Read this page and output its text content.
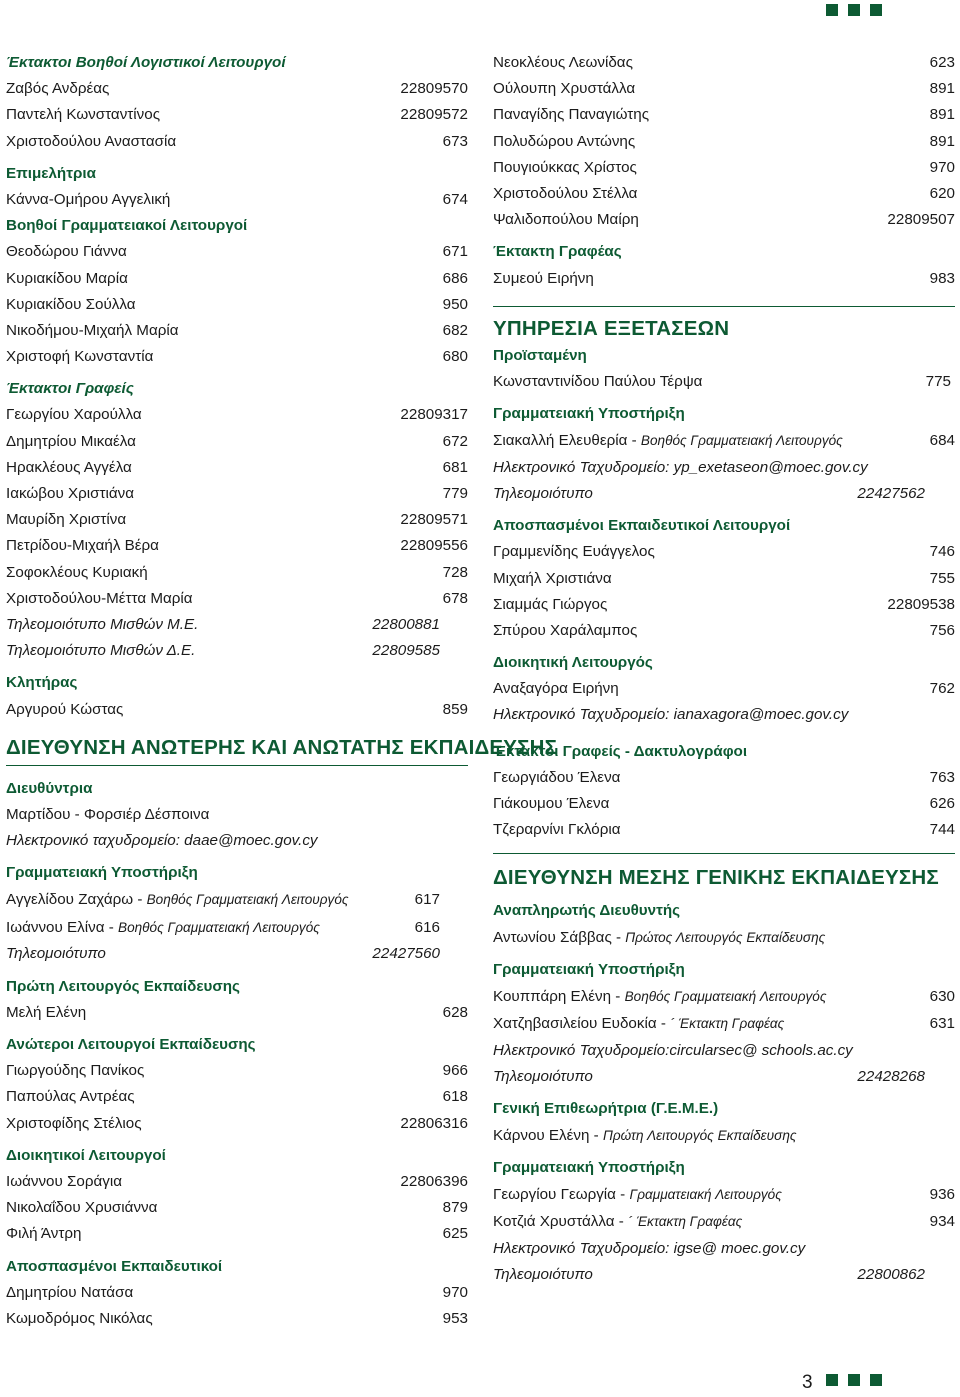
Έκτακτοι Βοηθοί Λογιστικοί Λειτουργοί
Ζαβός Ανδρέας	22809570
Παντελή Κωνσταντίνος	22809572
Χριστοδούλου Αναστασία	673
Επιμελήτρια
Κάννα-Ομήρου Αγγελική	674
Βοηθοί Γραμματειακοί Λειτουργοί
Θεοδώρου Γιάννα	671
Κυριακίδου Μαρία	686
Κυριακίδου Σούλλα	950
Νικοδήμου-Μιχαήλ Μαρία	682
Χριστοφή Κωνσταντία	680
Έκτακτοι Γραφείς
Γεωργίου Χαρούλλα	22809317
Δημητρίου Μικαέλα	672
Ηρακλέους Αγγέλα	681
Ιακώβου Χριστιάνα	779
Μαυρίδη Χριστίνα	22809571
Πετρίδου-Μιχαήλ Βέρα	22809556
Σοφοκλέους Κυριακή	728
Χριστοδούλου-Μέττα Μαρία	678
Τηλεομοιότυπο Μισθών Μ.Ε.	22800881
Τηλεομοιότυπο Μισθών Δ.Ε.	22809585
Κλητήρας
Αργυρού Κώστας	859
ΔΙΕΥΘΥΝΣΗ ΑΝΩΤΕΡΗΣ ΚΑΙ ΑΝΩΤΑΤΗΣ ΕΚΠΑΙΔΕΥΣΗΣ
Διευθύντρια
Μαρτίδου - Φορσιέρ Δέσποινα
Ηλεκτρονικό ταχυδρομείο: daae@moec.gov.cy
Γραμματειακή Υποστήριξη
Αγγελίδου Ζαχάρω - Βοηθός Γραμματειακή Λειτουργός	617
Ιωάννου Ελίνα - Βοηθός Γραμματειακή Λειτουργός	616
Τηλεομοιότυπο	22427560
Πρώτη Λειτουργός Εκπαίδευσης
Μελή Ελένη	628
Ανώτεροι Λειτουργοί Εκπαίδευσης
Γιωργούδης Πανίκος	966
Παπούλας Αντρέας	618
Χριστοφίδης Στέλιος	22806316
Διοικητικοί Λειτουργοί
Ιωάννου Σοράγια	22806396
Νικολαΐδου Χρυσιάννα	879
Φιλή Άντρη	625
Αποσπασμένοι Εκπαιδευτικοί
Δημητρίου Νατάσα	970
Κωμοδρόμος Νικόλας	953
Νεοκλέους Λεωνίδας	623
Ούλουπη Χρυστάλλα	891
Παναγίδης Παναγιώτης	891
Πολυδώρου Αντώνης	891
Πουγιούκκας Χρίστος	970
Χριστοδούλου Στέλλα	620
Ψαλιδοπούλου Μαίρη	22809507
Έκτακτη Γραφέας
Συμεού Ειρήνη	983
ΥΠΗΡΕΣΙΑ ΕΞΕΤΑΣΕΩΝ
Προϊσταμένη
Κωνσταντινίδου Παύλου Τέρψα	775
Γραμματειακή Υποστήριξη
Σιακαλλή Ελευθερία - Βοηθός Γραμματειακή Λειτουργός	684
Ηλεκτρονικό Ταχυδρομείο: yp_exetaseon@moec.gov.cy
Τηλεομοιότυπο	22427562
Αποσπασμένοι Εκπαιδευτικοί Λειτουργοί
Γραμμενίδης Ευάγγελος	746
Μιχαήλ Χριστιάνα	755
Σιαμμάς Γιώργος	22809538
Σπύρου Χαράλαμπος	756
Διοικητική Λειτουργός
Αναξαγόρα Ειρήνη	762
Ηλεκτρονικό Ταχυδρομείο: ianaxagora@moec.gov.cy
Έκτακτοι Γραφείς - Δακτυλογράφοι
Γεωργιάδου Έλενα	763
Γιάκουμου Έλενα	626
Τζεραρνίνι Γκλόρια	744
ΔΙΕΥΘΥΝΣΗ ΜΕΣΗΣ ΓΕΝΙΚΗΣ ΕΚΠΑΙΔΕΥΣΗΣ
Αναπληρωτής Διευθυντής
Αντωνίου Σάββας - Πρώτος Λειτουργός Εκπαίδευσης
Γραμματειακή Υποστήριξη
Κουππάρη Ελένη - Βοηθός Γραμματειακή Λειτουργός	630
Χατζηβασιλείου Ευδοκία - ´ Έκτακτη Γραφέας	631
Ηλεκτρονικό Ταχυδρομείο:circularsec@ schools.ac.cy
Τηλεομοιότυπο	22428268
Γενική Επιθεωρήτρια (Γ.Ε.Μ.Ε.)
Κάρνου Ελένη - Πρώτη Λειτουργός Εκπαίδευσης
Γραμματειακή Υποστήριξη
Γεωργίου Γεωργία - Γραμματειακή Λειτουργός	936
Κοτζιά Χρυστάλλα - ´ Έκτακτη Γραφέας	934
Ηλεκτρονικό Ταχυδρομείο: igse@ moec.gov.cy
Τηλεομοιότυπο	22800862
3
